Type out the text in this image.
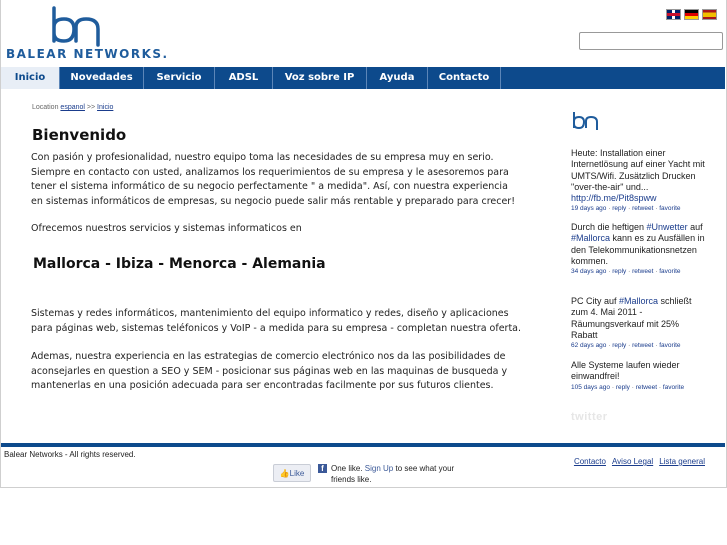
BALEAR NETWORKS.
Inicio	Novedades	Servicio	ADSL	Voz sobre IP	Ayuda	Contacto
Location espanol >> Inicio
Bienvenido

Con pasión y profesionalidad, nuestro equipo toma las necesidades de su empresa muy en serio. Siempre en contacto con usted, analizamos los requerimientos de su empresa y le asesoremos para tener el sistema informático de su negocio perfectamente " a medida". Así, con nuestra experiencia en sistemas informáticos de empresas, su negocio puede salir más rentable y preparado para crecer!

Ofrecemos nuestros servicios y sistemas informaticos en

Mallorca - Ibiza - Menorca - Alemania

Sistemas y redes informáticos, mantenimiento del equipo informatico y redes, diseño y aplicaciones para páginas web, sistemas teléfonicos y VoIP - a medida para su empresa - completan nuestra oferta.

Ademas, nuestra experiencia en las estrategias de comercio electrónico nos da las posibilidades de aconsejarles en question a SEO y SEM - posicionar sus páginas web en las maquinas de busqueda y mantenerlas en una posición adecuada para ser encontradas facilmente por sus futuros clientes.

Heute: Installation einer Internetlösung auf einer Yacht mit UMTS/Wifi. Zusätzlich Drucken "over-the-air" und... http://fb.me/Pit8spww
19 days ago · reply · retweet · favorite
Durch die heftigen #Unwetter auf #Mallorca kann es zu Ausfällen in den Telekommunikationsnetzen kommen.
34 days ago · reply · retweet · favorite
PC City auf #Mallorca schließt zum 4. Mai 2011 - Räumungsverkauf mit 25% Rabatt
62 days ago · reply · retweet · favorite
Alle Systeme laufen wieder einwandfrei!
105 days ago · reply · retweet · favorite
twitter
Balear Networks - All rights reserved.
Contacto Aviso Legal Lista general
👍Like
f One like. Sign Up to see what your friends like.
